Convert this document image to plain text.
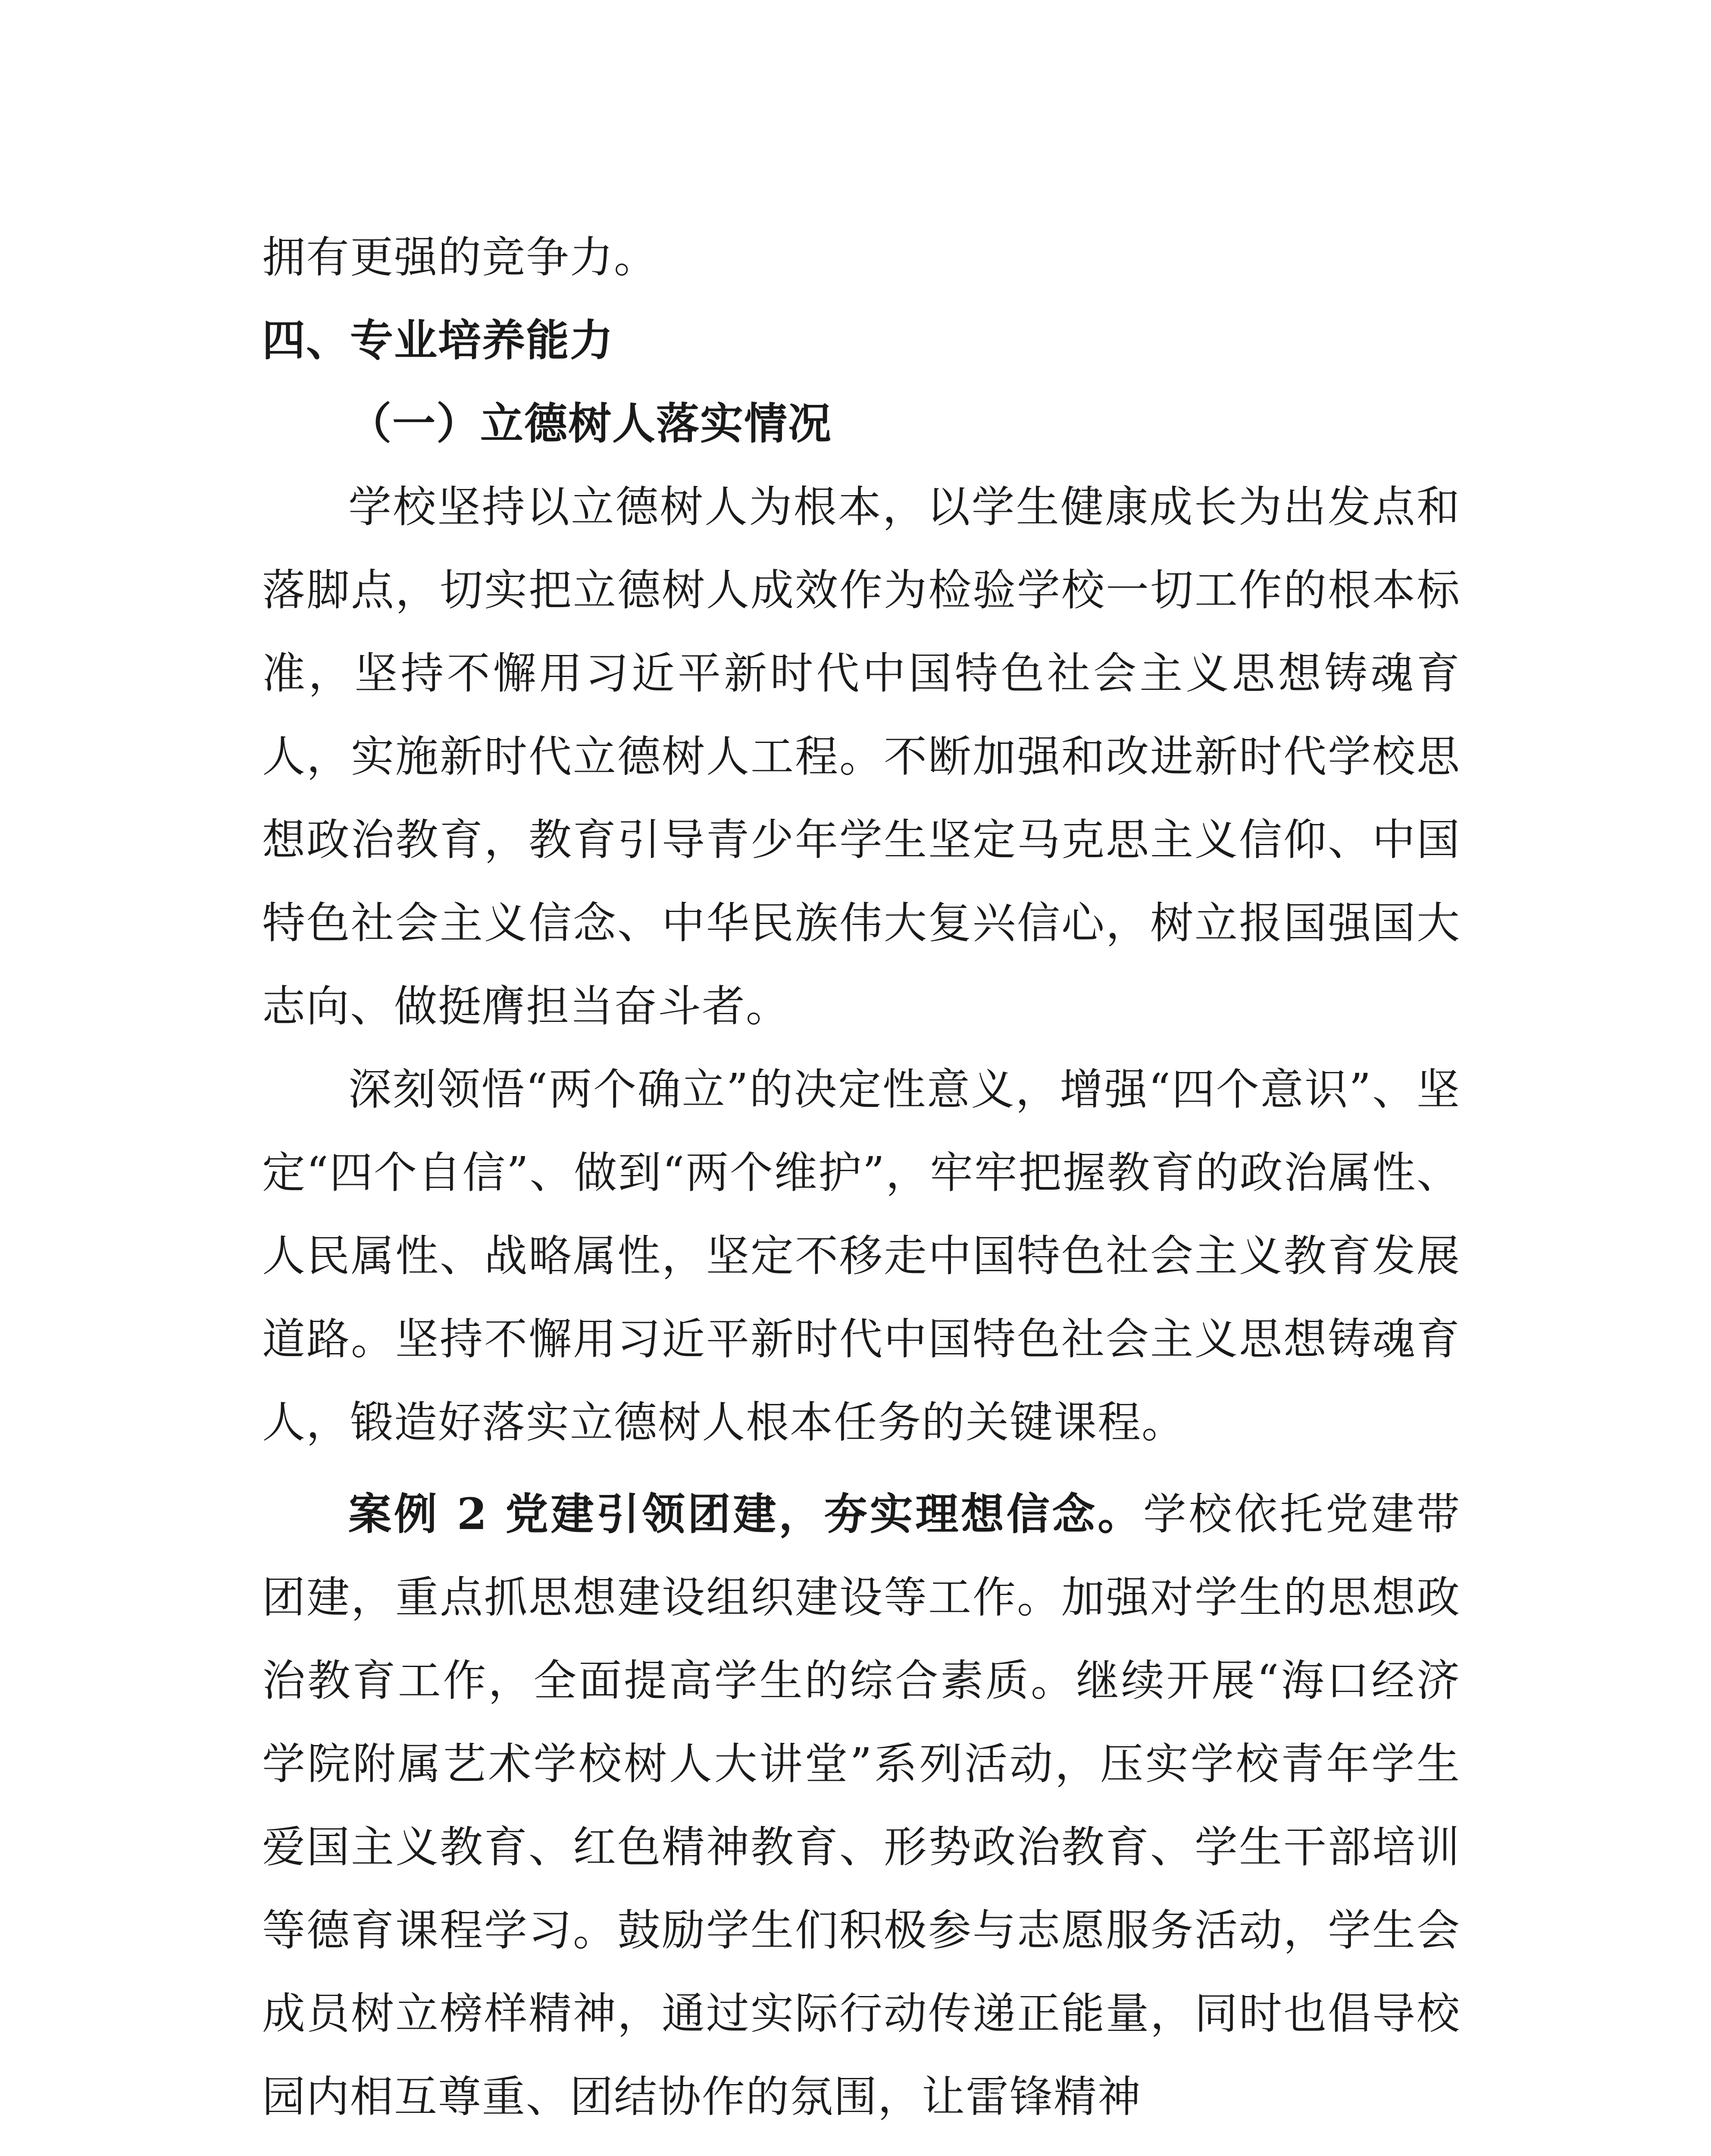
拥有更强的竞争力。

四、专业培养能力
（一）立德树人落实情况

学校坚持以立德树人为根本，以学生健康成长为出发点和落脚点，切实把立德树人成效作为检验学校一切工作的根本标准，坚持不懈用习近平新时代中国特色社会主义思想铸魂育人，实施新时代立德树人工程。不断加强和改进新时代学校思想政治教育，教育引导青少年学生坚定马克思主义信仰、中国特色社会主义信念、中华民族伟大复兴信心，树立报国强国大志向、做挺膺担当奋斗者。

深刻领悟“两个确立”的决定性意义，增强“四个意识”、坚定“四个自信”、做到“两个维护”，牢牢把握教育的政治属性、人民属性、战略属性，坚定不移走中国特色社会主义教育发展道路。坚持不懈用习近平新时代中国特色社会主义思想铸魂育人，锻造好落实立德树人根本任务的关键课程。

案例 2 党建引领团建，夯实理想信念。学校依托党建带团建，重点抓思想建设组织建设等工作。加强对学生的思想政治教育工作，全面提高学生的综合素质。继续开展“海口经济学院附属艺术学校树人大讲堂”系列活动，压实学校青年学生爱国主义教育、红色精神教育、形势政治教育、学生干部培训等德育课程学习。鼓励学生们积极参与志愿服务活动，学生会成员树立榜样精神，通过实际行动传递正能量，同时也倡导校园内相互尊重、团结协作的氛围，让雷锋精神
